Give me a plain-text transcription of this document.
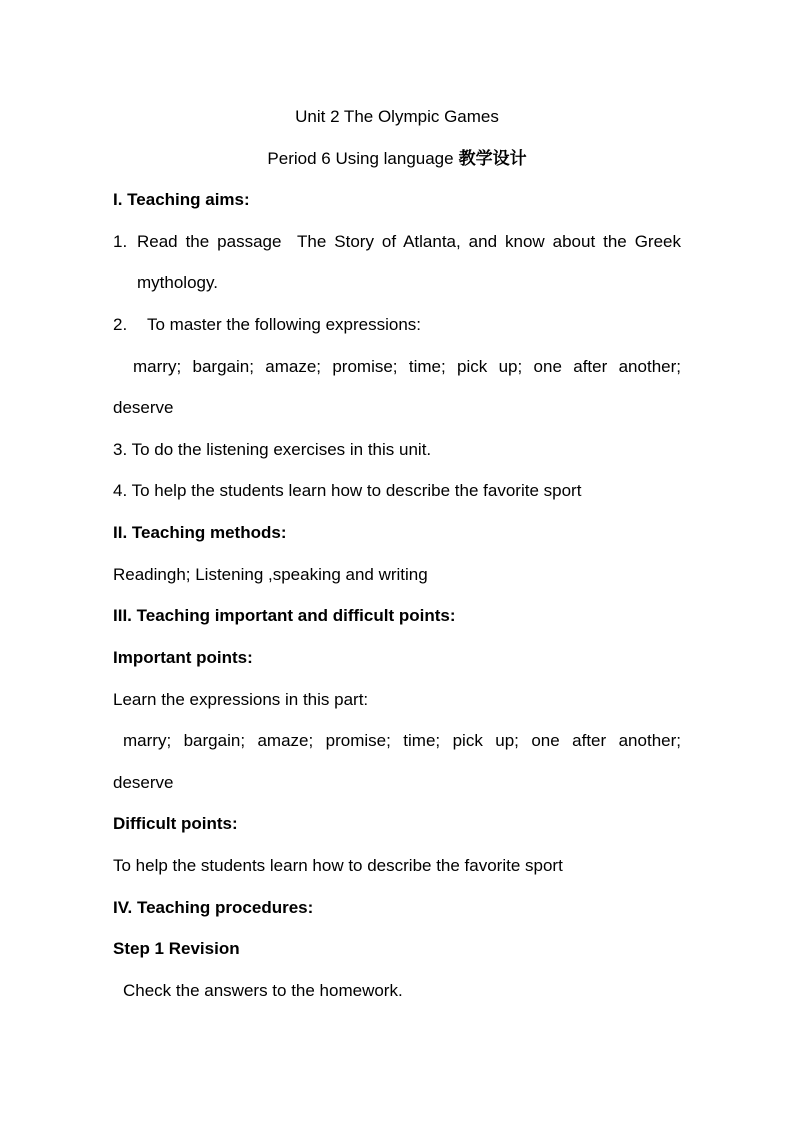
Unit 2 The Olympic Games
Period 6 Using language 教学设计
I. Teaching aims:
1. Read the passage  The Story of Atlanta, and know about the Greek
mythology.
2. To master the following expressions:
marry; bargain; amaze; promise; time; pick up; one after another;
deserve
3. To do the listening exercises in this unit.
4. To help the students learn how to describe the favorite sport
II. Teaching methods:
Readingh; Listening ,speaking and writing
III. Teaching important and difficult points:
Important points:
Learn the expressions in this part:
marry; bargain; amaze; promise; time; pick up; one after another;
deserve
Difficult points:
To help the students learn how to describe the favorite sport
IV. Teaching procedures:
Step 1 Revision
Check the answers to the homework.
